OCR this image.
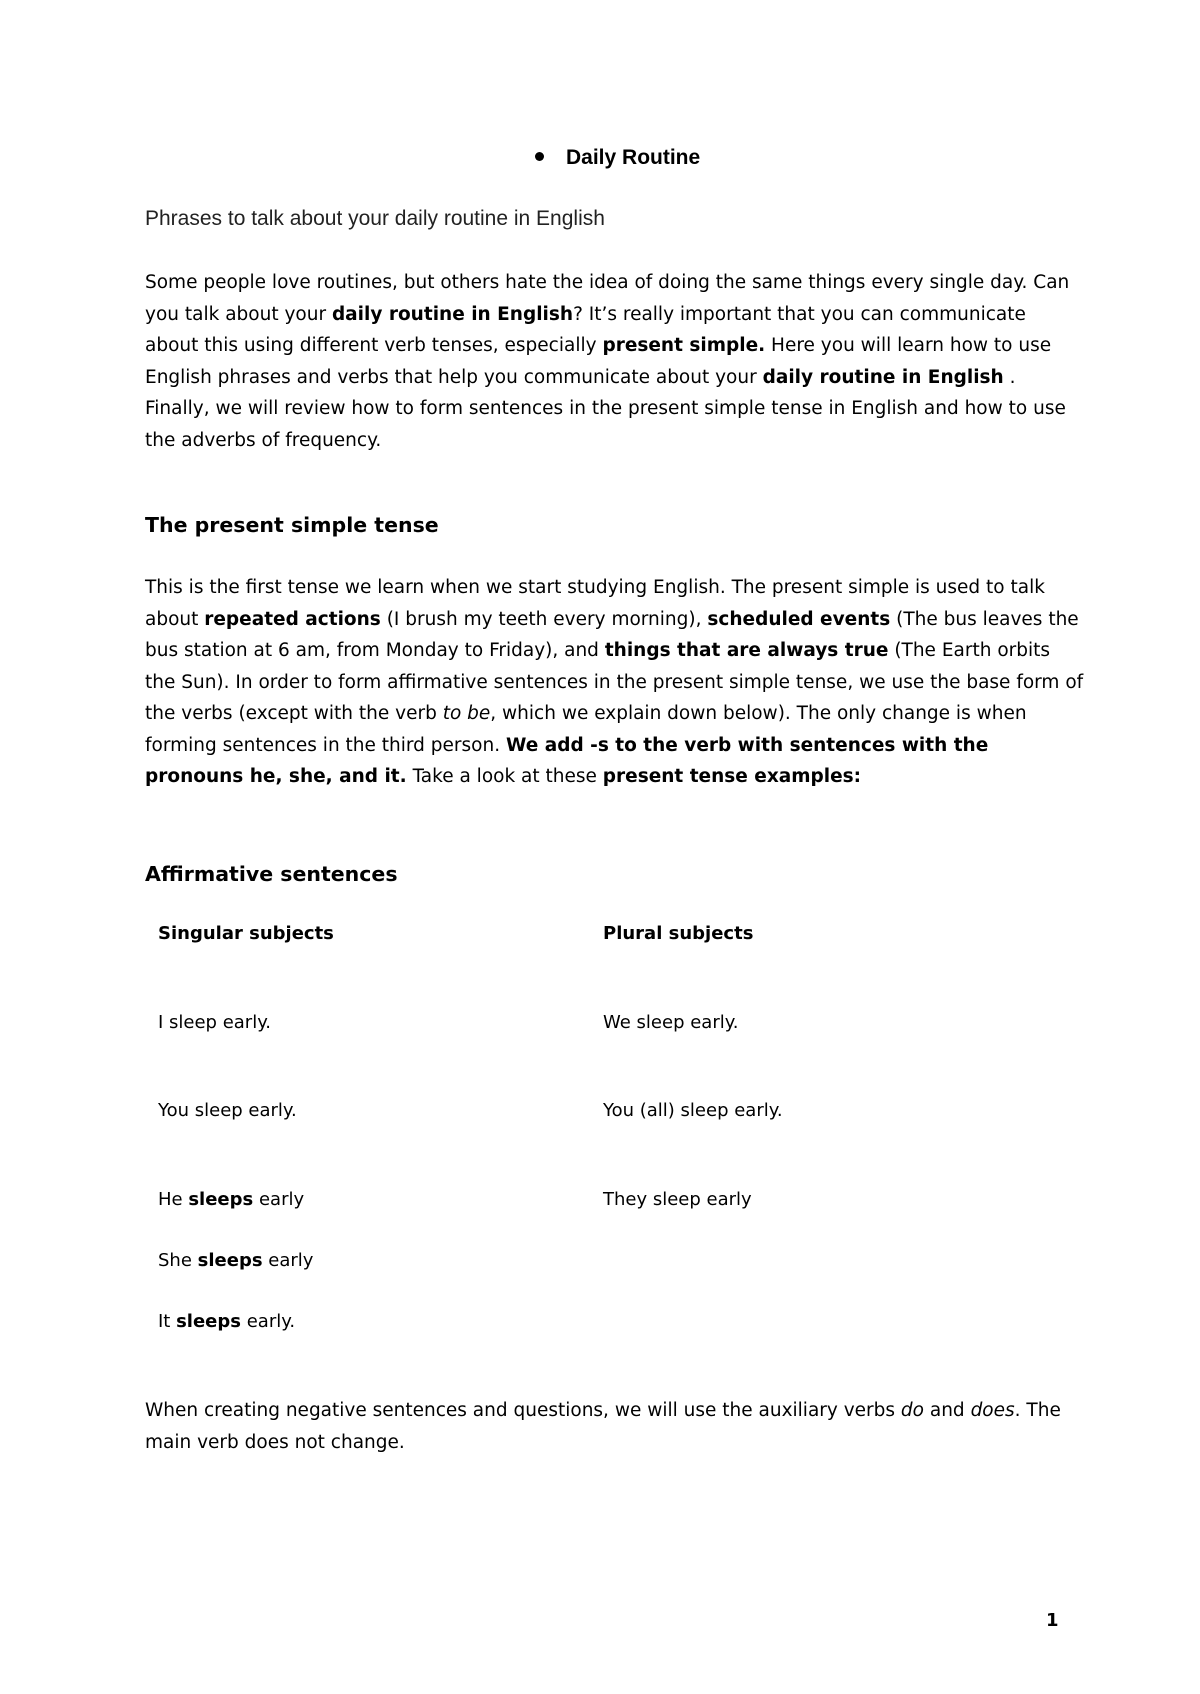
Daily Routine
Phrases to talk about your daily routine in English
Some people love routines, but others hate the idea of doing the same things every single day. Can you talk about your daily routine in English? It’s really important that you can communicate about this using different verb tenses, especially present simple. Here you will learn how to use English phrases and verbs that help you communicate about your daily routine in English . Finally, we will review how to form sentences in the present simple tense in English and how to use the adverbs of frequency.
The present simple tense
This is the first tense we learn when we start studying English. The present simple is used to talk about repeated actions (I brush my teeth every morning), scheduled events (The bus leaves the bus station at 6 am, from Monday to Friday), and things that are always true (The Earth orbits the Sun). In order to form affirmative sentences in the present simple tense, we use the base form of the verbs (except with the verb to be, which we explain down below). The only change is when forming sentences in the third person. We add -s to the verb with sentences with the pronouns he, she, and it. Take a look at these present tense examples:
Affirmative sentences
Singular subjects	Plural subjects
I sleep early.
You sleep early.
He sleeps early
She sleeps early
It sleeps early.
We sleep early.
You (all) sleep early.
They sleep early
When creating negative sentences and questions, we will use the auxiliary verbs do and does. The main verb does not change.
1
